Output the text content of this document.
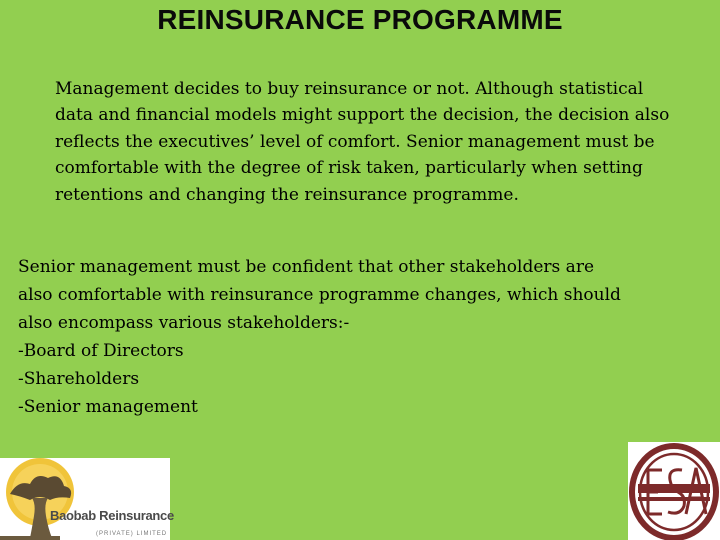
REINSURANCE PROGRAMME

Management decides to buy reinsurance or not. Although statistical data and financial models might support the decision, the decision also reflects the executives’ level of comfort. Senior management must be comfortable with the degree of risk taken, particularly when setting retentions and changing the reinsurance programme.

Senior management must be confident that other stakeholders are
also comfortable with reinsurance programme changes, which should
also encompass various stakeholders:-
-Board of Directors
-Shareholders
-Senior management
Baobab Reinsurance
(PRIVATE) LIMITED
